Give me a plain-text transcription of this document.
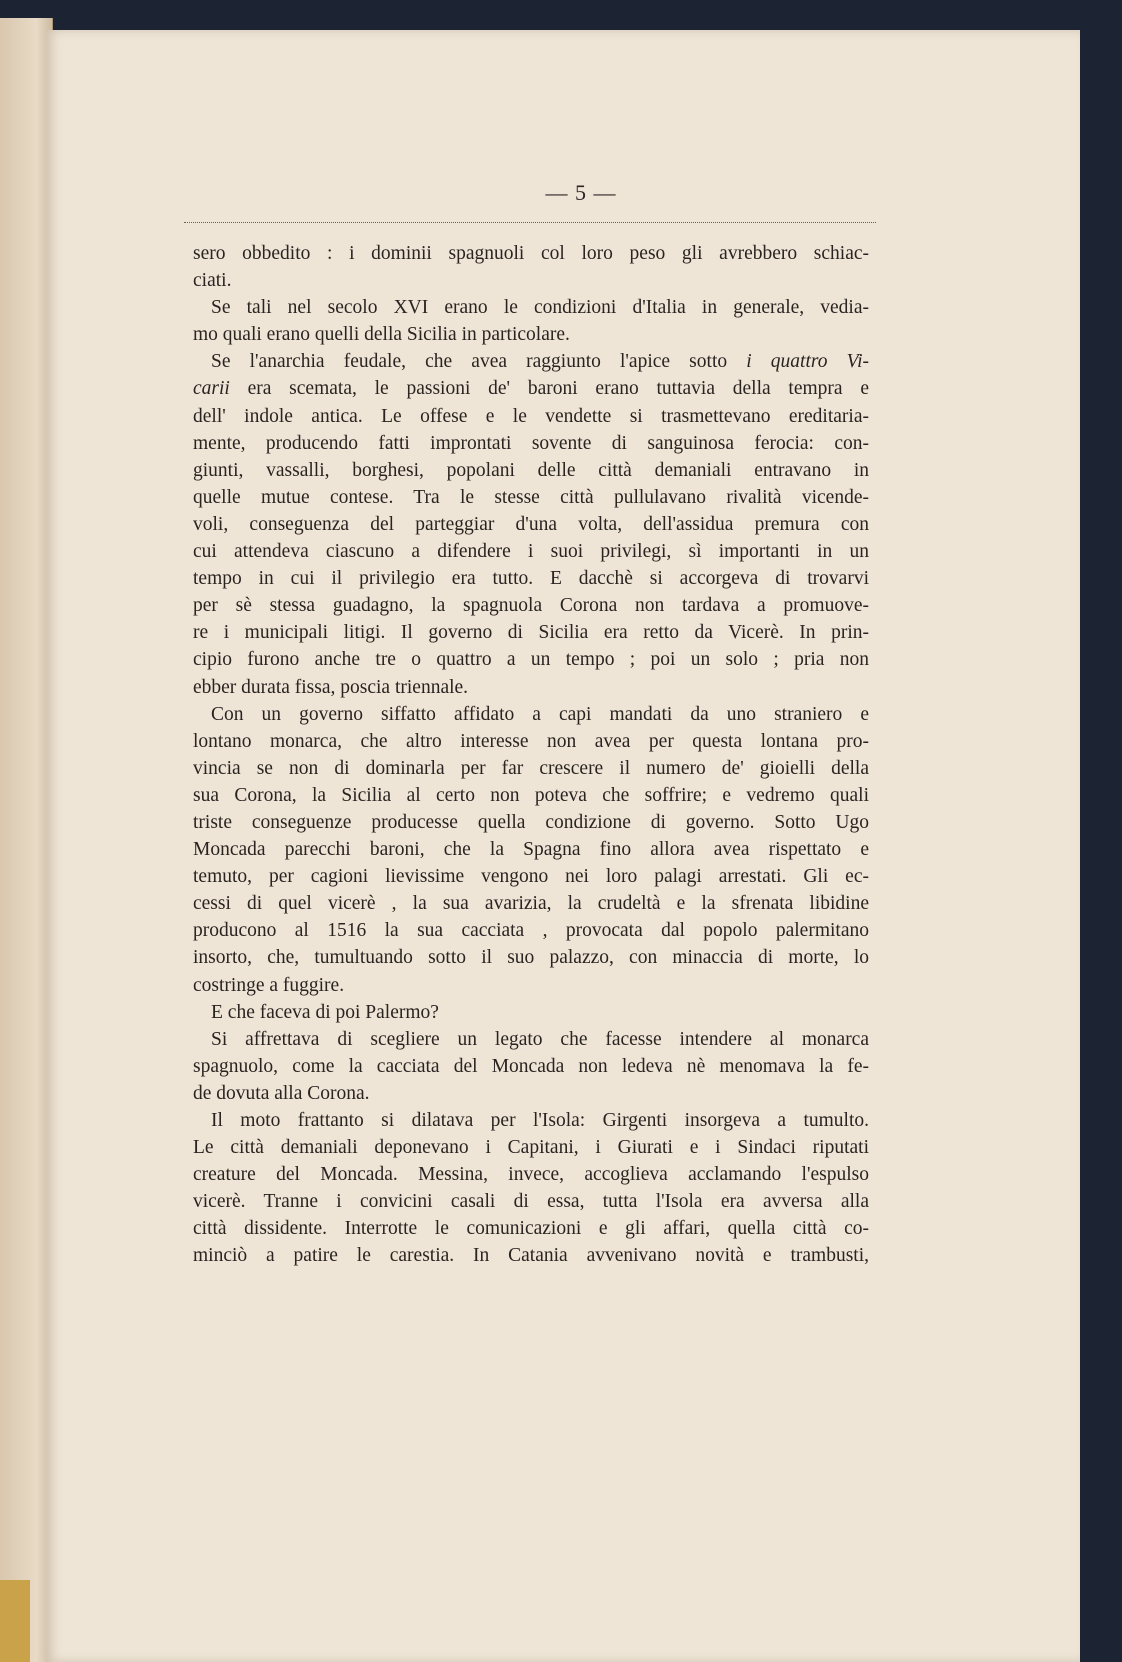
— 5 —
sero obbedito : i dominii spagnuoli col loro peso gli avrebbero schiac-
ciati.
Se tali nel secolo XVI erano le condizioni d'Italia in generale, vedia-
mo quali erano quelli della Sicilia in particolare.
Se l'anarchia feudale, che avea raggiunto l'apice sotto i quattro Vi-
carii era scemata, le passioni de' baroni erano tuttavia della tempra e
dell' indole antica. Le offese e le vendette si trasmettevano ereditaria-
mente, producendo fatti improntati sovente di sanguinosa ferocia: con-
giunti, vassalli, borghesi, popolani delle città demaniali entravano in
quelle mutue contese. Tra le stesse città pullulavano rivalità vicende-
voli, conseguenza del parteggiar d'una volta, dell'assidua premura con
cui attendeva ciascuno a difendere i suoi privilegi, sì importanti in un
tempo in cui il privilegio era tutto. E dacchè si accorgeva di trovarvi
per sè stessa guadagno, la spagnuola Corona non tardava a promuove-
re i municipali litigi. Il governo di Sicilia era retto da Vicerè. In prin-
cipio furono anche tre o quattro a un tempo ; poi un solo ; pria non
ebber durata fissa, poscia triennale.
Con un governo siffatto affidato a capi mandati da uno straniero e
lontano monarca, che altro interesse non avea per questa lontana pro-
vincia se non di dominarla per far crescere il numero de' gioielli della
sua Corona, la Sicilia al certo non poteva che soffrire; e vedremo quali
triste conseguenze producesse quella condizione di governo. Sotto Ugo
Moncada parecchi baroni, che la Spagna fino allora avea rispettato e
temuto, per cagioni lievissime vengono nei loro palagi arrestati. Gli ec-
cessi di quel vicerè , la sua avarizia, la crudeltà e la sfrenata libidine
producono al 1516 la sua cacciata , provocata dal popolo palermitano
insorto, che, tumultuando sotto il suo palazzo, con minaccia di morte, lo
costringe a fuggire.
E che faceva di poi Palermo?
Si affrettava di scegliere un legato che facesse intendere al monarca
spagnuolo, come la cacciata del Moncada non ledeva nè menomava la fe-
de dovuta alla Corona.
Il moto frattanto si dilatava per l'Isola: Girgenti insorgeva a tumulto.
Le città demaniali deponevano i Capitani, i Giurati e i Sindaci riputati
creature del Moncada. Messina, invece, accoglieva acclamando l'espulso
vicerè. Tranne i convicini casali di essa, tutta l'Isola era avversa alla
città dissidente. Interrotte le comunicazioni e gli affari, quella città co-
minciò a patire le carestia. In Catania avvenivano novità e trambusti,
